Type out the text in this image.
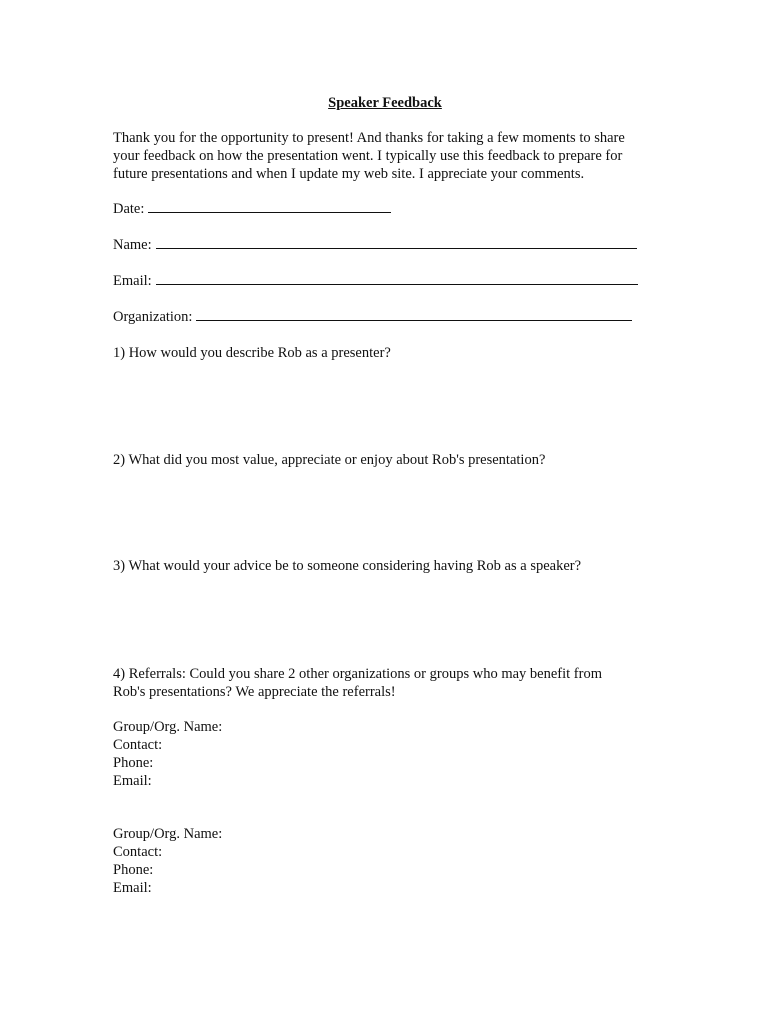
Speaker Feedback
Thank you for the opportunity to present! And thanks for taking a few moments to share
your feedback on how the presentation went. I typically use this feedback to prepare for
future presentations and when I update my web site. I appreciate your comments.
Date:
Name:
Email:
Organization:
1) How would you describe Rob as a presenter?
2) What did you most value, appreciate or enjoy about Rob's presentation?
3) What would your advice be to someone considering having Rob as a speaker?
4) Referrals: Could you share 2 other organizations or groups who may benefit from
Rob's presentations? We appreciate the referrals!
Group/Org. Name:
Contact:
Phone:
Email:
Group/Org. Name:
Contact:
Phone:
Email:
